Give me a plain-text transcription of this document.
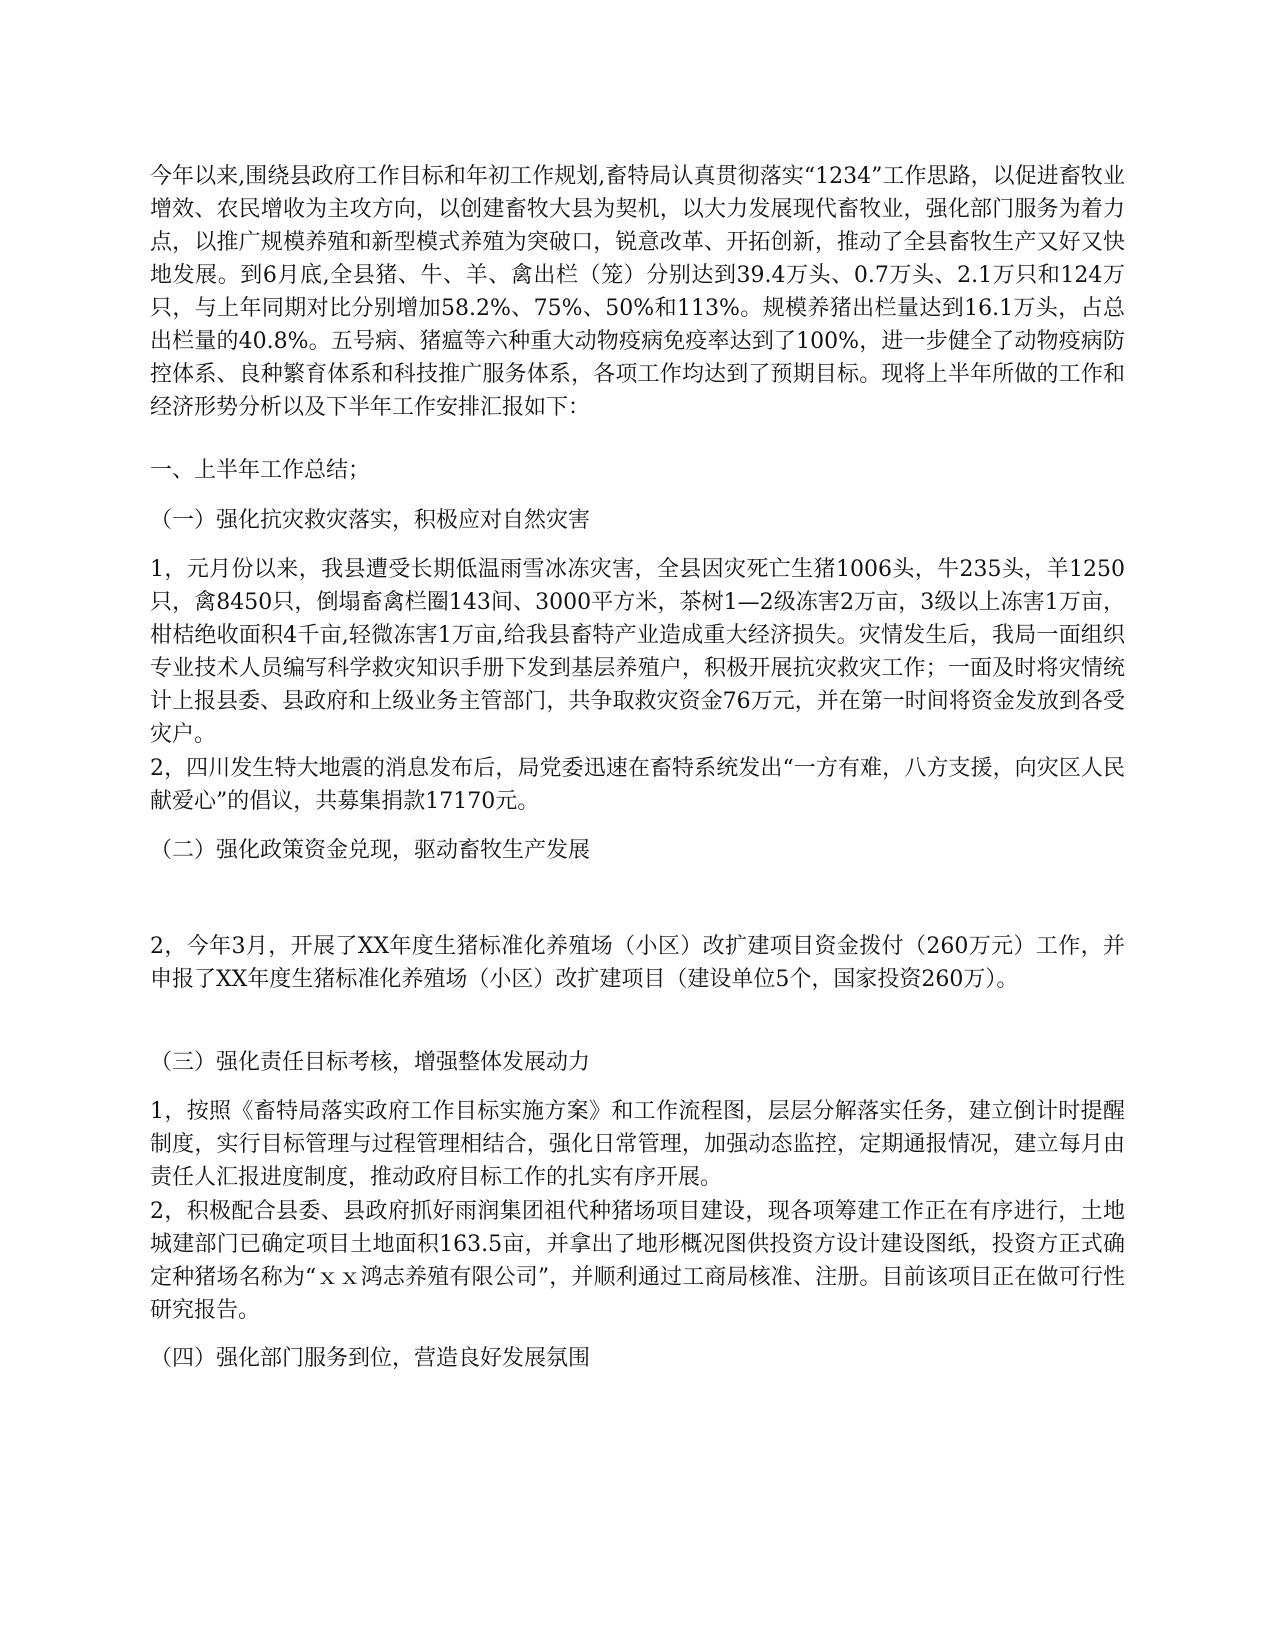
今年以来,围绕县政府工作目标和年初工作规划,畜特局认真贯彻落实“1234”工作思路，以促进畜牧业增效、农民增收为主攻方向，以创建畜牧大县为契机，以大力发展现代畜牧业，强化部门服务为着力点，以推广规模养殖和新型模式养殖为突破口，锐意改革、开拓创新，推动了全县畜牧生产又好又快地发展。到6月底,全县猪、牛、羊、禽出栏（笼）分别达到39.4万头、0.7万头、2.1万只和124万只，与上年同期对比分别增加58.2%、75%、50%和113%。规模养猪出栏量达到16.1万头，占总出栏量的40.8%。五号病、猪瘟等六种重大动物疫病免疫率达到了100%，进一步健全了动物疫病防控体系、良种繁育体系和科技推广服务体系，各项工作均达到了预期目标。现将上半年所做的工作和经济形势分析以及下半年工作安排汇报如下：

一、上半年工作总结；

（一）强化抗灾救灾落实，积极应对自然灾害

1，元月份以来，我县遭受长期低温雨雪冰冻灾害，全县因灾死亡生猪1006头，牛235头，羊1250只，禽8450只，倒塌畜禽栏圈143间、3000平方米，茶树1—2级冻害2万亩，3级以上冻害1万亩，柑桔绝收面积4千亩,轻微冻害1万亩,给我县畜特产业造成重大经济损失。灾情发生后，我局一面组织专业技术人员编写科学救灾知识手册下发到基层养殖户，积极开展抗灾救灾工作；一面及时将灾情统计上报县委、县政府和上级业务主管部门，共争取救灾资金76万元，并在第一时间将资金发放到各受灾户。

2，四川发生特大地震的消息发布后，局党委迅速在畜特系统发出“一方有难，八方支援，向灾区人民献爱心”的倡议，共募集捐款17170元。

（二）强化政策资金兑现，驱动畜牧生产发展

2，今年3月，开展了XX年度生猪标准化养殖场（小区）改扩建项目资金拨付（260万元）工作，并申报了XX年度生猪标准化养殖场（小区）改扩建项目（建设单位5个，国家投资260万）。

（三）强化责任目标考核，增强整体发展动力

1，按照《畜特局落实政府工作目标实施方案》和工作流程图，层层分解落实任务，建立倒计时提醒制度，实行目标管理与过程管理相结合，强化日常管理，加强动态监控，定期通报情况，建立每月由责任人汇报进度制度，推动政府目标工作的扎实有序开展。

2，积极配合县委、县政府抓好雨润集团祖代种猪场项目建设，现各项筹建工作正在有序进行，土地城建部门已确定项目土地面积163.5亩，并拿出了地形概况图供投资方设计建设图纸，投资方正式确定种猪场名称为“ｘｘ鸿志养殖有限公司”，并顺利通过工商局核准、注册。目前该项目正在做可行性研究报告。

（四）强化部门服务到位，营造良好发展氛围
